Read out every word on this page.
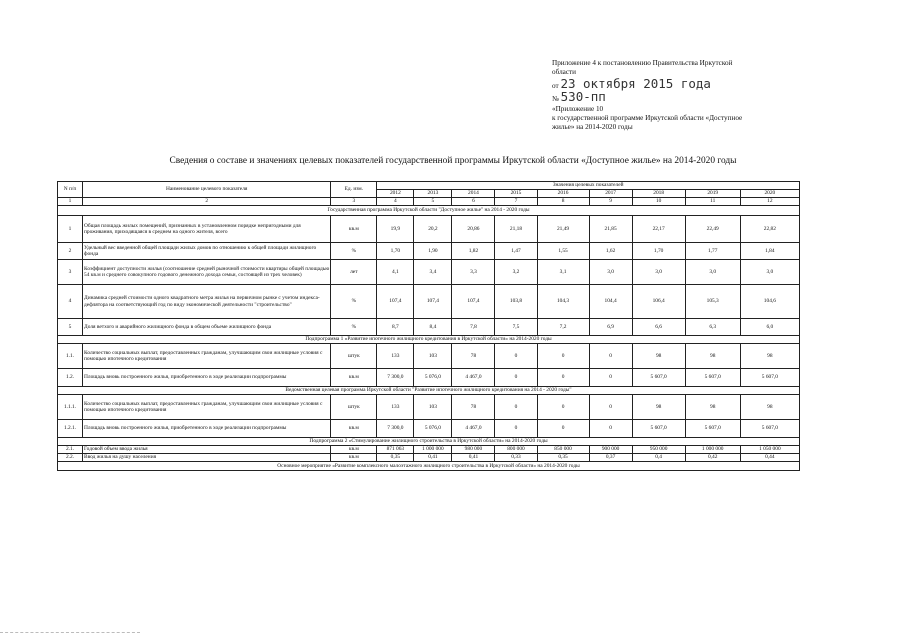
Приложение 4 к постановлению Правительства Иркутской
области
от 23 октября 2015 года
№ 530-пп
«Приложение 10
к государственной программе Иркутской области «Доступное
жилье» на 2014-2020 годы
Сведения о составе и значениях целевых показателей государственной программы Иркутской области «Доступное жилье» на 2014-2020 годы
N п/п	Наименование целевого показателя	Ед. изм.	Значения целевых показателей								
			2012	2013	2014	2015	2016	2017	2018	2019	2020
1	2	3	4	5	6	7	8	9	10	11	12
Государственная программа Иркутской области "Доступное жилье" на 2014 - 2020 годы											
1	Общая площадь жилых помещений, признанных в установленном порядке непригодными для проживания, приходящаяся в среднем на одного жителя, всего	кв.м	19,9	20,2	20,86	21,18	21,49	21,85	22,17	22,49	22,82
2	Удельный вес введенной общей площади жилых домов по отношению к общей площади жилищного фонда	%	1,70	1,90	1,82	1,47	1,55	1,62	1,70	1,77	1,84
3	Коэффициент доступности жилья (соотношение средней рыночной стоимости квартиры общей площадью 54 кв.м и среднего совокупного годового денежного дохода семьи, состоящей из трех человек)	лет	4,1	3,4	3,3	3,2	3,1	3,0	3,0	3,0	3,0
4	Динамика средней стоимости одного квадратного метра жилья на первичном рынке с учетом индекса-дефлятора на соответствующий год по виду экономической деятельности "строительство"	%	107,4	107,4	107,4	103,8	104,3	104,4	106,4	105,3	104,6
5	Доля ветхого и аварийного жилищного фонда в общем объеме жилищного фонда	%	8,7	8,4	7,8	7,5	7,2	6,9	6,6	6,3	6,0
Подпрограмма 1 «Развитие ипотечного жилищного кредитования в Иркутской области» на 2014-2020 годы											
1.1.	Количество социальных выплат, предоставленных гражданам, улучшающим свои жилищные условия с помощью ипотечного кредитования	штук	133	103	78	0	0	0	98	98	98
1.2.	Площадь вновь построенного жилья, приобретенного в ходе реализации подпрограммы	кв.м	7 300,0	5 076,0	4 467,0	0	0	0	5 607,0	5 607,0	5 607,0
Ведомственная целевая программа Иркутской области "Развитие ипотечного жилищного кредитования на 2014 - 2020 годы"											
1.1.1.	Количество социальных выплат, предоставленных гражданам, улучшающим свои жилищные условия с помощью ипотечного кредитования	штук	133	103	78	0	0	0	98	98	98
1.2.1.	Площадь вновь построенного жилья, приобретенного в ходе реализации подпрограммы	кв.м	7 300,0	5 076,0	4 467,0	0	0	0	5 607,0	5 607,0	5 607,0
Подпрограмма 2 «Стимулирование жилищного строительства в Иркутской области» на 2014-2020 годы											
2.1.	Годовой объем ввода жилья	кв.м	871 063	1 000 000	980 000	800 000	850 000	900 000	950 000	1 000 000	1 050 000
2.2.	Ввод жилья на душу населения	кв.м	0,35	0,41	0,41	0,33	0,35	0,37	0,4	0,42	0,44
Основное мероприятие «Развитие комплексного малоэтажного жилищного строительства в Иркутской области» на 2014-2020 годы											
